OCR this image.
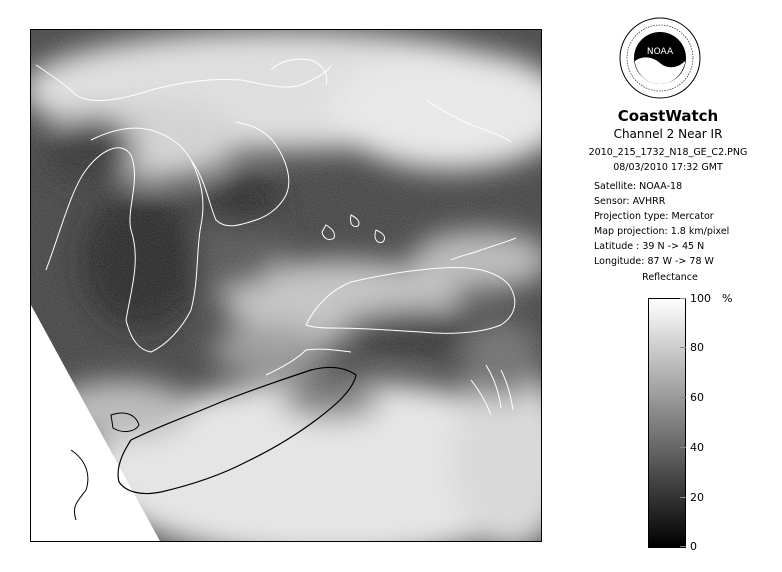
NOAA
CoastWatch
Channel 2 Near IR
2010_215_1732_N18_GE_C2.PNG
08/03/2010 17:32 GMT
Satellite: NOAA-18
Sensor: AVHRR
Projection type: Mercator
Map projection: 1.8 km/pixel
Latitude : 39 N -> 45 N
Longitude: 87 W -> 78 W
Reflectance
%
100
80
60
40
20
0
